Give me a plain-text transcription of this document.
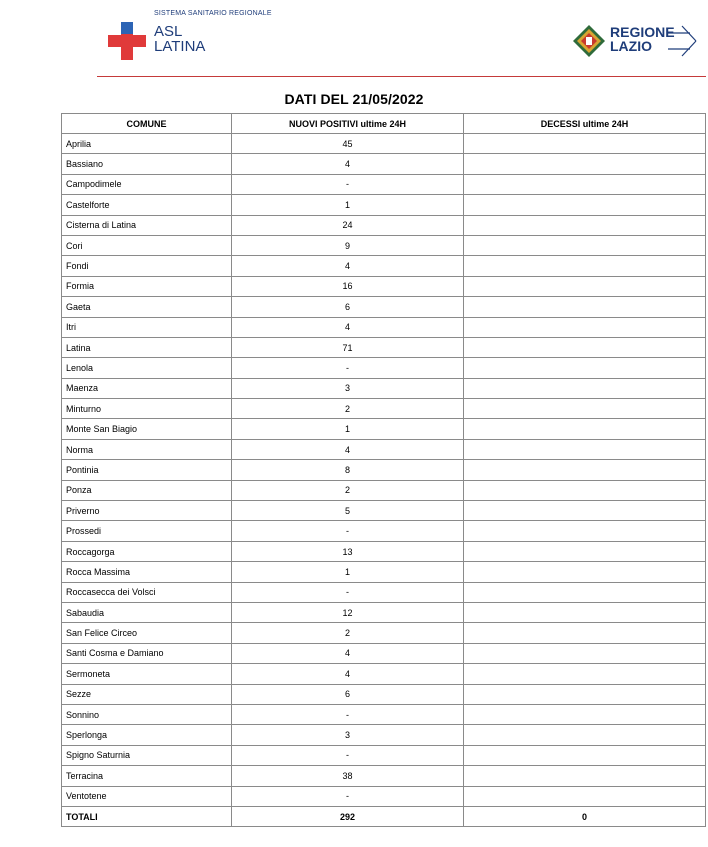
SISTEMA SANITARIO REGIONALE
ASL
LATINA
REGIONE
LAZIO
DATI DEL 21/05/2022
COMUNE	NUOVI POSITIVI ultime 24H	DECESSI ultime 24H
Aprilia	45	
Bassiano	4	
Campodimele	-	
Castelforte	1	
Cisterna di Latina	24	
Cori	9	
Fondi	4	
Formia	16	
Gaeta	6	
Itri	4	
Latina	71	
Lenola	-	
Maenza	3	
Minturno	2	
Monte San Biagio	1	
Norma	4	
Pontinia	8	
Ponza	2	
Priverno	5	
Prossedi	-	
Roccagorga	13	
Rocca Massima	1	
Roccasecca dei Volsci	-	
Sabaudia	12	
San Felice Circeo	2	
Santi Cosma e Damiano	4	
Sermoneta	4	
Sezze	6	
Sonnino	-	
Sperlonga	3	
Spigno Saturnia	-	
Terracina	38	
Ventotene	-	
TOTALI	292	0
